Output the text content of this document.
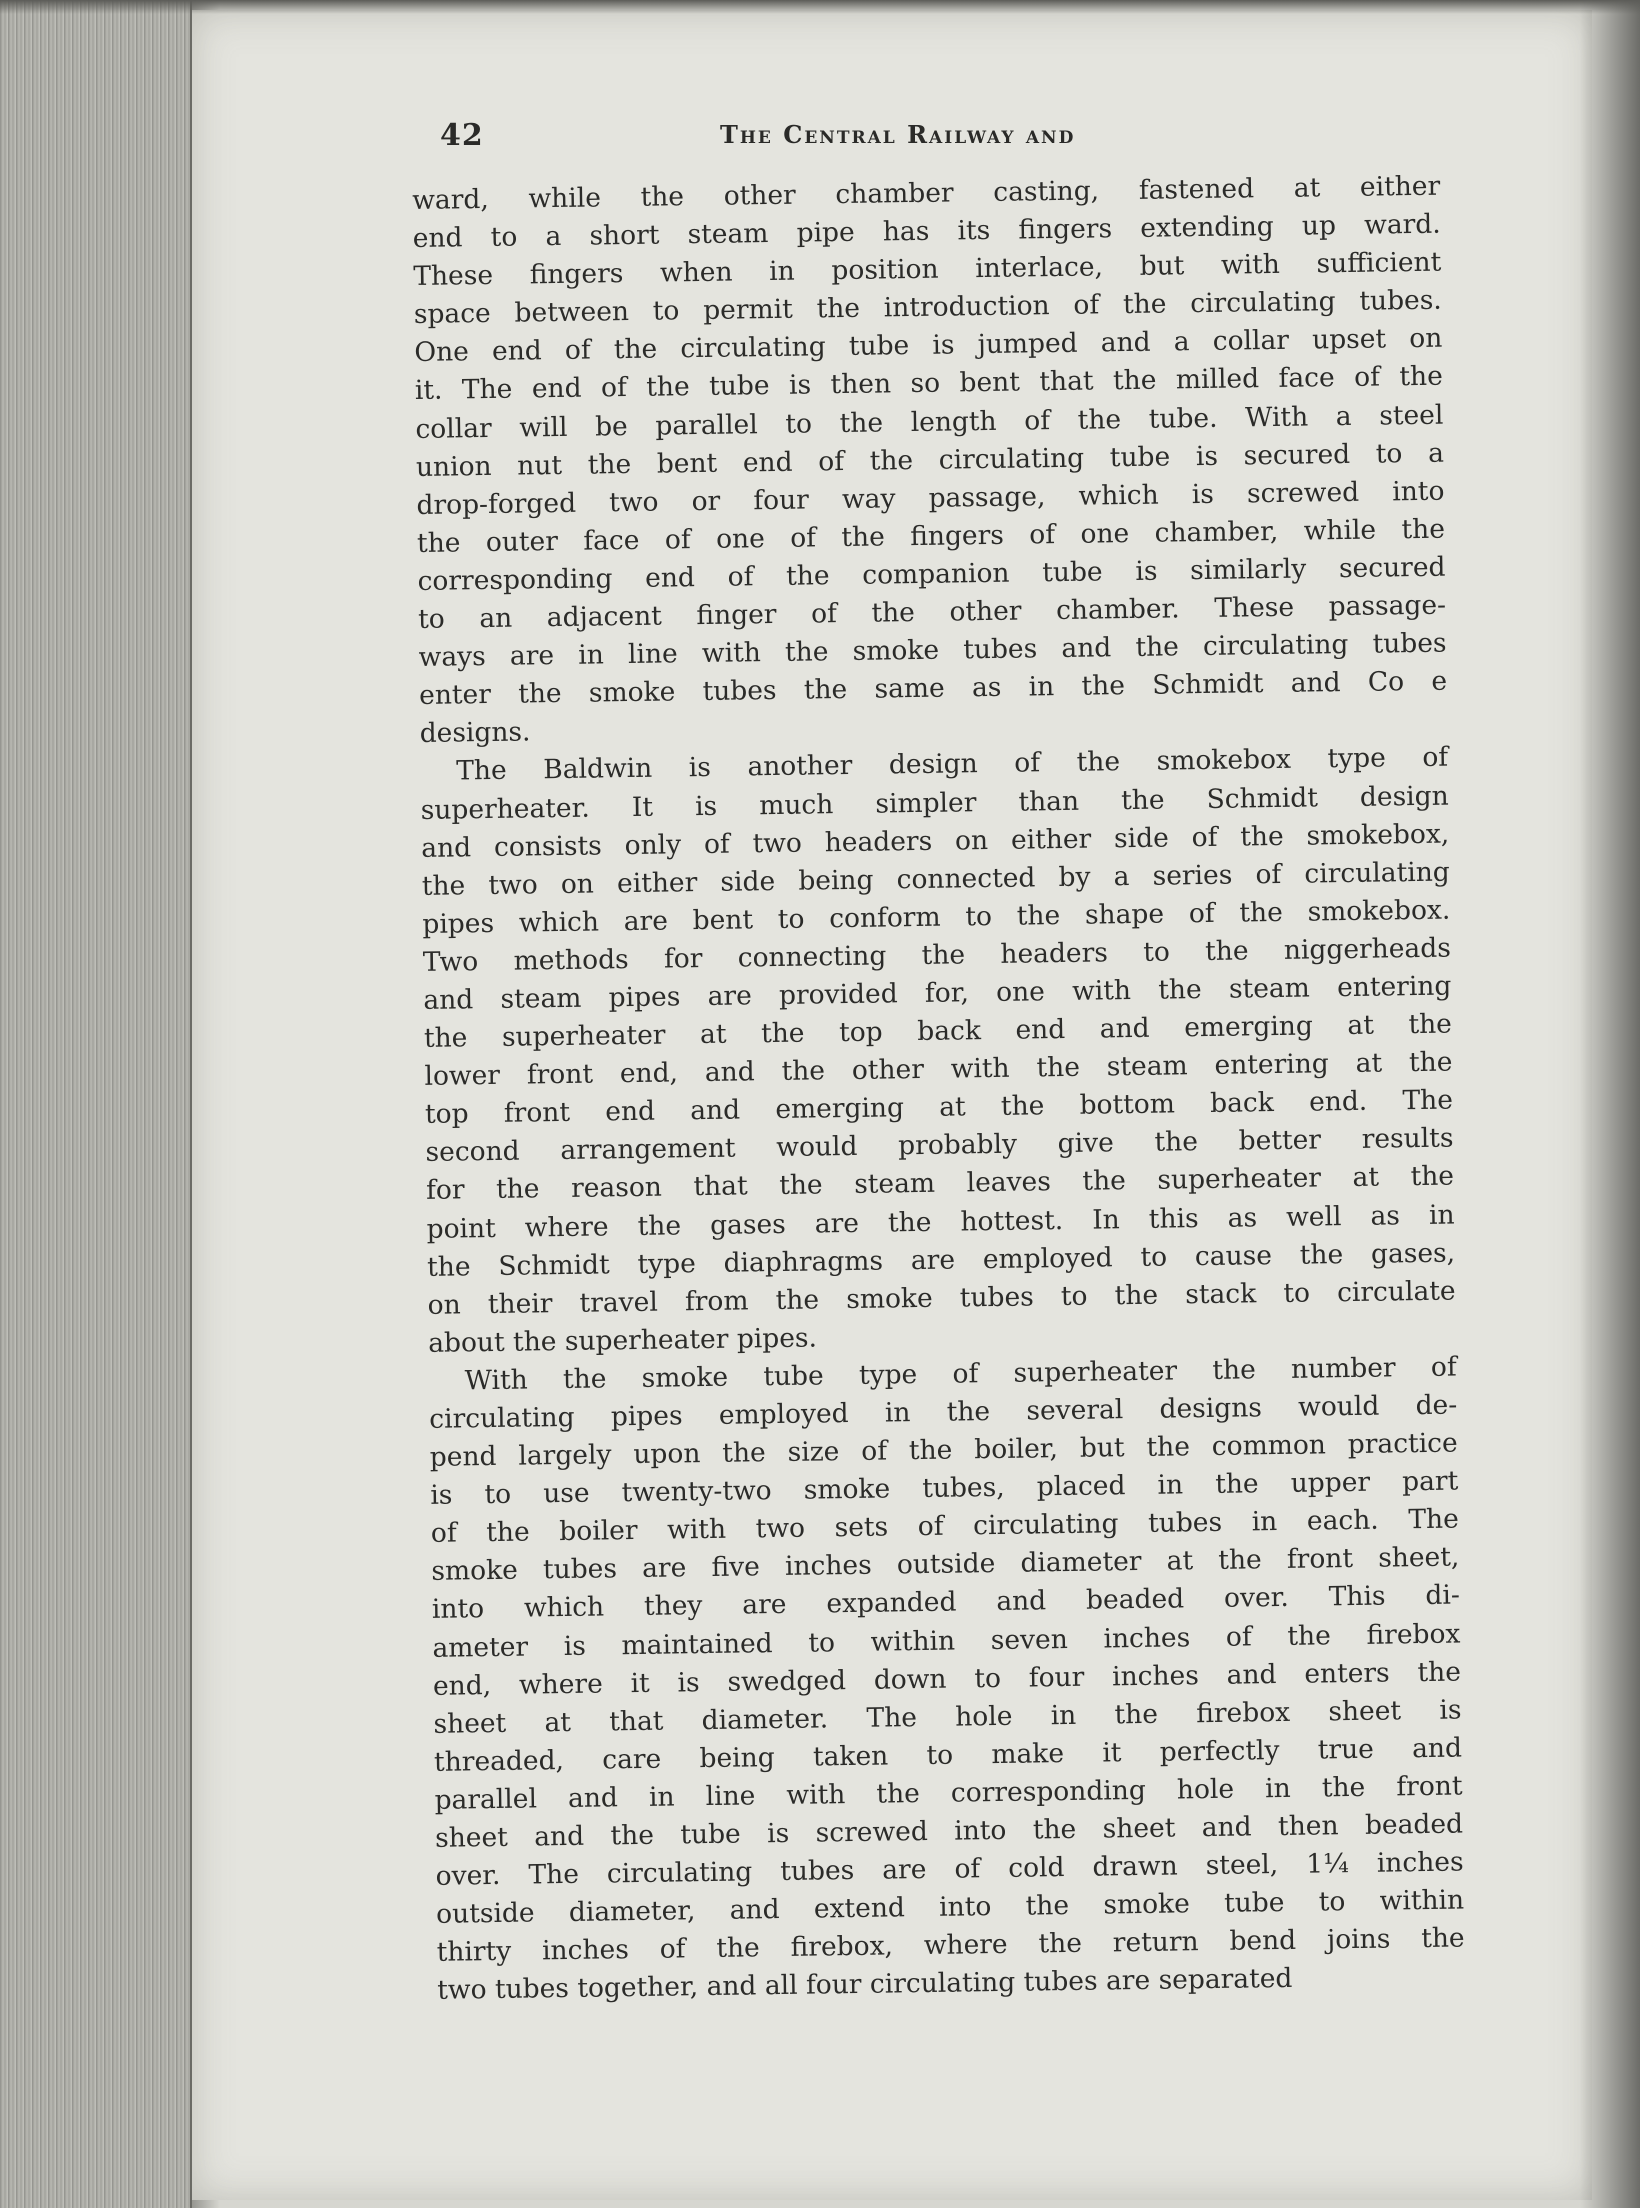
42	The Central Railway and
ward, while the other chamber casting, fastened at either
end to a short steam pipe has its fingers extending up ward.
These fingers when in position interlace, but with sufficient
space between to permit the introduction of the circulating tubes.
One end of the circulating tube is jumped and a collar upset on
it. The end of the tube is then so bent that the milled face of the
collar will be parallel to the length of the tube. With a steel
union nut the bent end of the circulating tube is secured to a
drop-forged two or four way passage, which is screwed into
the outer face of one of the fingers of one chamber, while the
corresponding end of the companion tube is similarly secured
to an adjacent finger of the other chamber. These passage-
ways are in line with the smoke tubes and the circulating tubes
enter the smoke tubes the same as in the Schmidt and Co e
designs.
The Baldwin is another design of the smokebox type of
superheater. It is much simpler than the Schmidt design
and consists only of two headers on either side of the smokebox,
the two on either side being connected by a series of circulating
pipes which are bent to conform to the shape of the smokebox.
Two methods for connecting the headers to the niggerheads
and steam pipes are provided for, one with the steam entering
the superheater at the top back end and emerging at the
lower front end, and the other with the steam entering at the
top front end and emerging at the bottom back end. The
second arrangement would probably give the better results
for the reason that the steam leaves the superheater at the
point where the gases are the hottest. In this as well as in
the Schmidt type diaphragms are employed to cause the gases,
on their travel from the smoke tubes to the stack to circulate
about the superheater pipes.
With the smoke tube type of superheater the number of
circulating pipes employed in the several designs would de-
pend largely upon the size of the boiler, but the common practice
is to use twenty-two smoke tubes, placed in the upper part
of the boiler with two sets of circulating tubes in each. The
smoke tubes are five inches outside diameter at the front sheet,
into which they are expanded and beaded over. This di-
ameter is maintained to within seven inches of the firebox
end, where it is swedged down to four inches and enters the
sheet at that diameter. The hole in the firebox sheet is
threaded, care being taken to make it perfectly true and
parallel and in line with the corresponding hole in the front
sheet and the tube is screwed into the sheet and then beaded
over. The circulating tubes are of cold drawn steel, 1¼ inches
outside diameter, and extend into the smoke tube to within
thirty inches of the firebox, where the return bend joins the
two tubes together, and all four circulating tubes are separated
